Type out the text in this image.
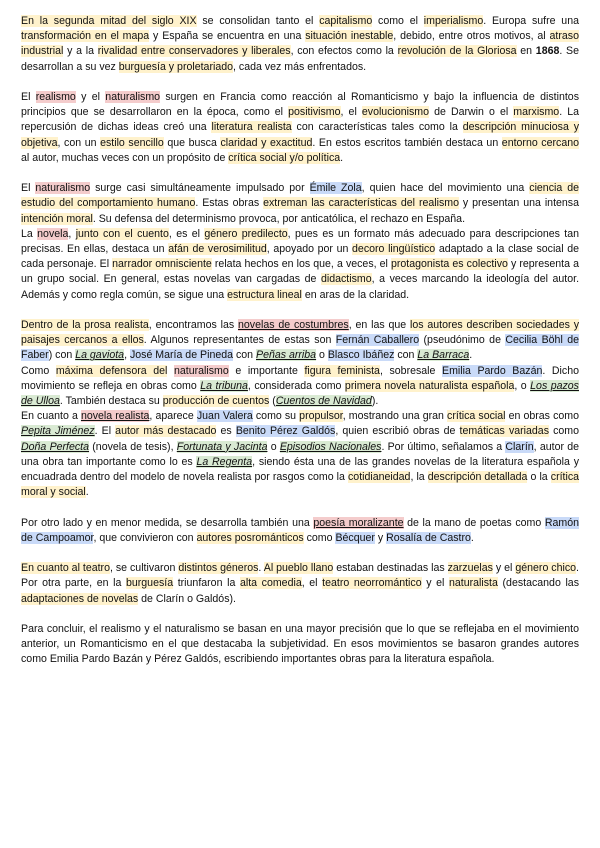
En la segunda mitad del siglo XIX se consolidan tanto el capitalismo como el imperialismo. Europa sufre una transformación en el mapa y España se encuentra en una situación inestable, debido, entre otros motivos, al atraso industrial y a la rivalidad entre conservadores y liberales, con efectos como la revolución de la Gloriosa en 1868. Se desarrollan a su vez burguesía y proletariado, cada vez más enfrentados.

El realismo y el naturalismo surgen en Francia como reacción al Romanticismo y bajo la influencia de distintos principios que se desarrollaron en la época, como el positivismo, el evolucionismo de Darwin o el marxismo. La repercusión de dichas ideas creó una literatura realista con características tales como la descripción minuciosa y objetiva, con un estilo sencillo que busca claridad y exactitud. En estos escritos también destaca un entorno cercano al autor, muchas veces con un propósito de crítica social y/o política.

El naturalismo surge casi simultáneamente impulsado por Émile Zola, quien hace del movimiento una ciencia de estudio del comportamiento humano. Estas obras extreman las características del realismo y presentan una intensa intención moral. Su defensa del determinismo provoca, por anticatólica, el rechazo en España.

La novela, junto con el cuento, es el género predilecto, pues es un formato más adecuado para descripciones tan precisas. En ellas, destaca un afán de verosimilitud, apoyado por un decoro lingüístico adaptado a la clase social de cada personaje. El narrador omnisciente relata hechos en los que, a veces, el protagonista es colectivo y representa a un grupo social. En general, estas novelas van cargadas de didactismo, a veces marcando la ideología del autor. Además y como regla común, se sigue una estructura lineal en aras de la claridad.

Dentro de la prosa realista, encontramos las novelas de costumbres, en las que los autores describen sociedades y paisajes cercanos a ellos. Algunos representantes de estas son Fernán Caballero (pseudónimo de Cecilia Böhl de Faber) con La gaviota, José María de Pineda con Peñas arriba o Blasco Ibáñez con La Barraca.

Como máxima defensora del naturalismo e importante figura feminista, sobresale Emilia Pardo Bazán. Dicho movimiento se refleja en obras como La tribuna, considerada como primera novela naturalista española, o Los pazos de Ulloa. También destaca su producción de cuentos (Cuentos de Navidad).

En cuanto a novela realista, aparece Juan Valera como su propulsor, mostrando una gran crítica social en obras como Pepita Jiménez. El autor más destacado es Benito Pérez Galdós, quien escribió obras de temáticas variadas como Doña Perfecta (novela de tesis), Fortunata y Jacinta o Episodios Nacionales. Por último, señalamos a Clarín, autor de una obra tan importante como lo es La Regenta, siendo ésta una de las grandes novelas de la literatura española y encuadrada dentro del modelo de novela realista por rasgos como la cotidianeidad, la descripción detallada o la crítica moral y social.

Por otro lado y en menor medida, se desarrolla también una poesía moralizante de la mano de poetas como Ramón de Campoamor, que convivieron con autores posrománticos como Bécquer y Rosalía de Castro.

En cuanto al teatro, se cultivaron distintos géneros. Al pueblo llano estaban destinadas las zarzuelas y el género chico. Por otra parte, en la burguesía triunfaron la alta comedia, el teatro neorromántico y el naturalista (destacando las adaptaciones de novelas de Clarín o Galdós).

Para concluir, el realismo y el naturalismo se basan en una mayor precisión que lo que se reflejaba en el movimiento anterior, un Romanticismo en el que destacaba la subjetividad. En esos movimientos se basaron grandes autores como Emilia Pardo Bazán y Pérez Galdós, escribiendo importantes obras para la literatura española.
